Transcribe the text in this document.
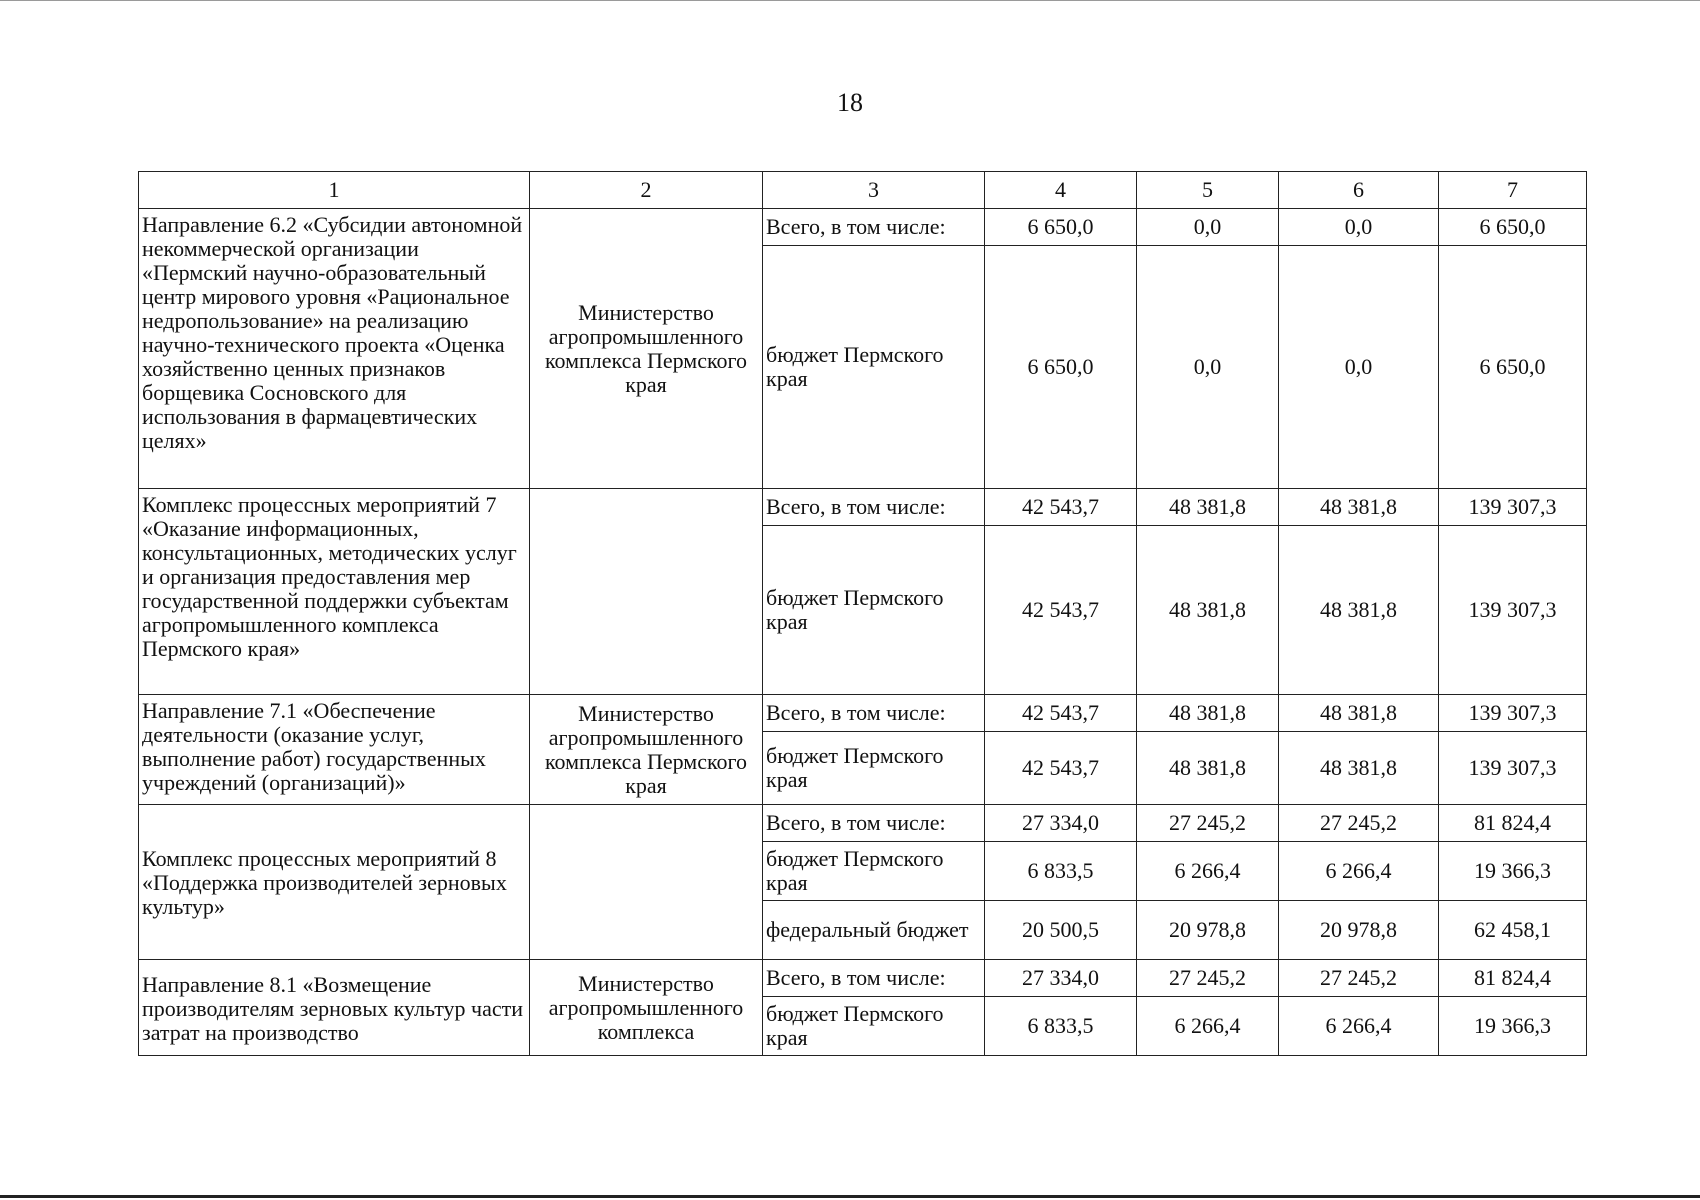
18
1	2	3	4	5	6	7
Направление 6.2 «Субсидии автономной некоммерческой организации «Пермский научно-образовательный центр мирового уровня «Рациональное недропользование» на реализацию научно-технического проекта «Оценка хозяйственно ценных признаков борщевика Сосновского для использования в фармацевтических целях»	Министерство агропромышленного комплекса Пермского края	Всего, в том числе:	6 650,0	0,0	0,0	6 650,0
		бюджет Пермского края	6 650,0	0,0	0,0	6 650,0
Комплекс процессных мероприятий 7 «Оказание информационных, консультационных, методических услуг и организация предоставления мер государственной поддержки субъектам агропромышленного комплекса Пермского края»		Всего, в том числе:	42 543,7	48 381,8	48 381,8	139 307,3
		бюджет Пермского края	42 543,7	48 381,8	48 381,8	139 307,3
Направление 7.1 «Обеспечение деятельности (оказание услуг, выполнение работ) государственных учреждений (организаций)»	Министерство агропромышленного комплекса Пермского края	Всего, в том числе:	42 543,7	48 381,8	48 381,8	139 307,3
		бюджет Пермского края	42 543,7	48 381,8	48 381,8	139 307,3
Комплекс процессных мероприятий 8 «Поддержка производителей зерновых культур»		Всего, в том числе:	27 334,0	27 245,2	27 245,2	81 824,4
		бюджет Пермского края	6 833,5	6 266,4	6 266,4	19 366,3
		федеральный бюджет	20 500,5	20 978,8	20 978,8	62 458,1
Направление 8.1 «Возмещение производителям зерновых культур части затрат на производство	Министерство агропромышленного комплекса	Всего, в том числе:	27 334,0	27 245,2	27 245,2	81 824,4
		бюджет Пермского края	6 833,5	6 266,4	6 266,4	19 366,3
